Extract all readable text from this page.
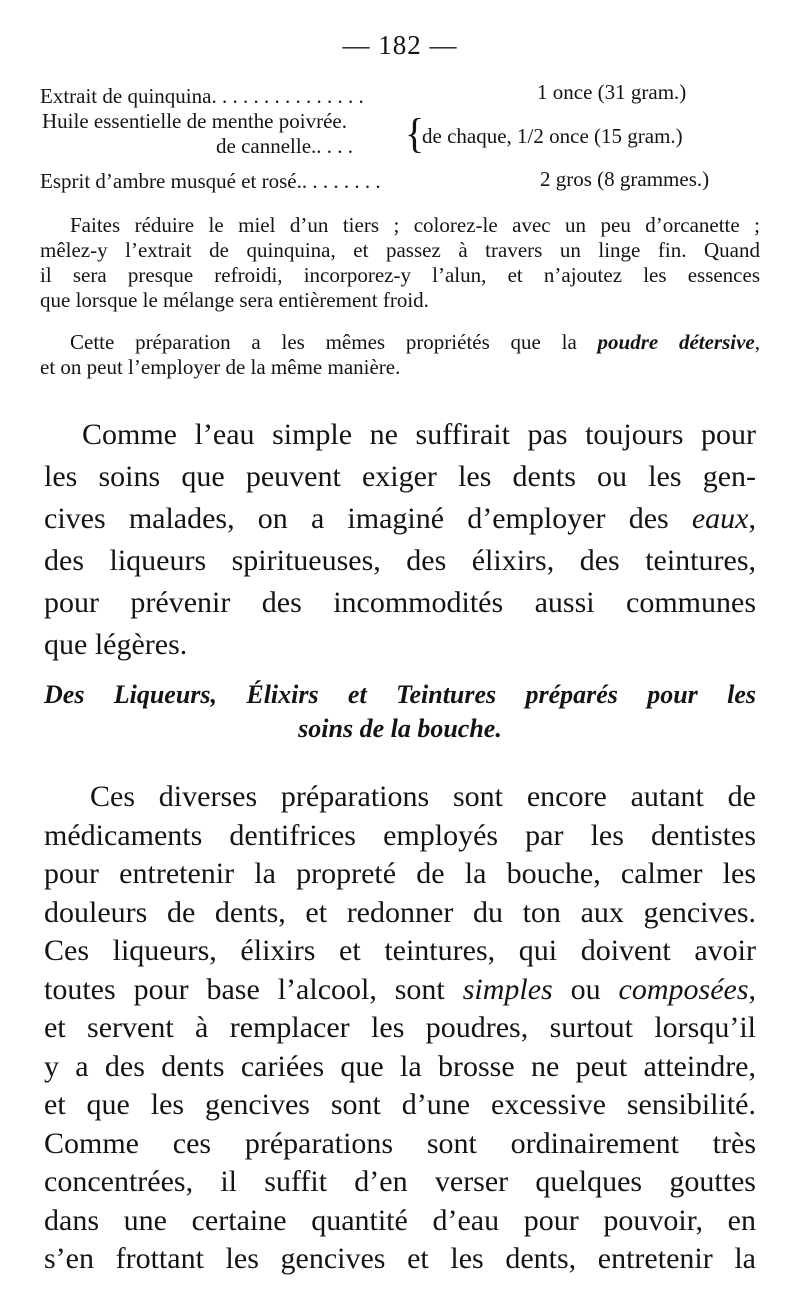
— 182 —
Extrait de quinquina. . . . . . . . . . . . . . .	1 once (31 gram.)
Huile essentielle de menthe poivrée.
de cannelle.. . . . {
de chaque, 1/2 once (15 gram.)
Esprit d’ambre musqué et rosé.. . . . . . . .	2 gros (8 grammes.)
Faites réduire le miel d’un tiers ; colorez-le avec un peu d’orcanette ;
mêlez-y l’extrait de quinquina, et passez à travers un linge fin. Quand
il sera presque refroidi, incorporez-y l’alun, et n’ajoutez les essences
que lorsque le mélange sera entièrement froid.
Cette préparation a les mêmes propriétés que la poudre détersive,
et on peut l’employer de la même manière.
Comme l’eau simple ne suffirait pas toujours pour
les soins que peuvent exiger les dents ou les gen-
cives malades, on a imaginé d’employer des eaux,
des liqueurs spiritueuses, des élixirs, des teintures,
pour prévenir des incommodités aussi communes
que légères.
Des Liqueurs, Élixirs et Teintures préparés pour les
soins de la bouche.
Ces diverses préparations sont encore autant de
médicaments dentifrices employés par les dentistes
pour entretenir la propreté de la bouche, calmer les
douleurs de dents, et redonner du ton aux gencives.
Ces liqueurs, élixirs et teintures, qui doivent avoir
toutes pour base l’alcool, sont simples ou composées,
et servent à remplacer les poudres, surtout lorsqu’il
y a des dents cariées que la brosse ne peut atteindre,
et que les gencives sont d’une excessive sensibilité.
Comme ces préparations sont ordinairement très
concentrées, il suffit d’en verser quelques gouttes
dans une certaine quantité d’eau pour pouvoir, en
s’en frottant les gencives et les dents, entretenir la
